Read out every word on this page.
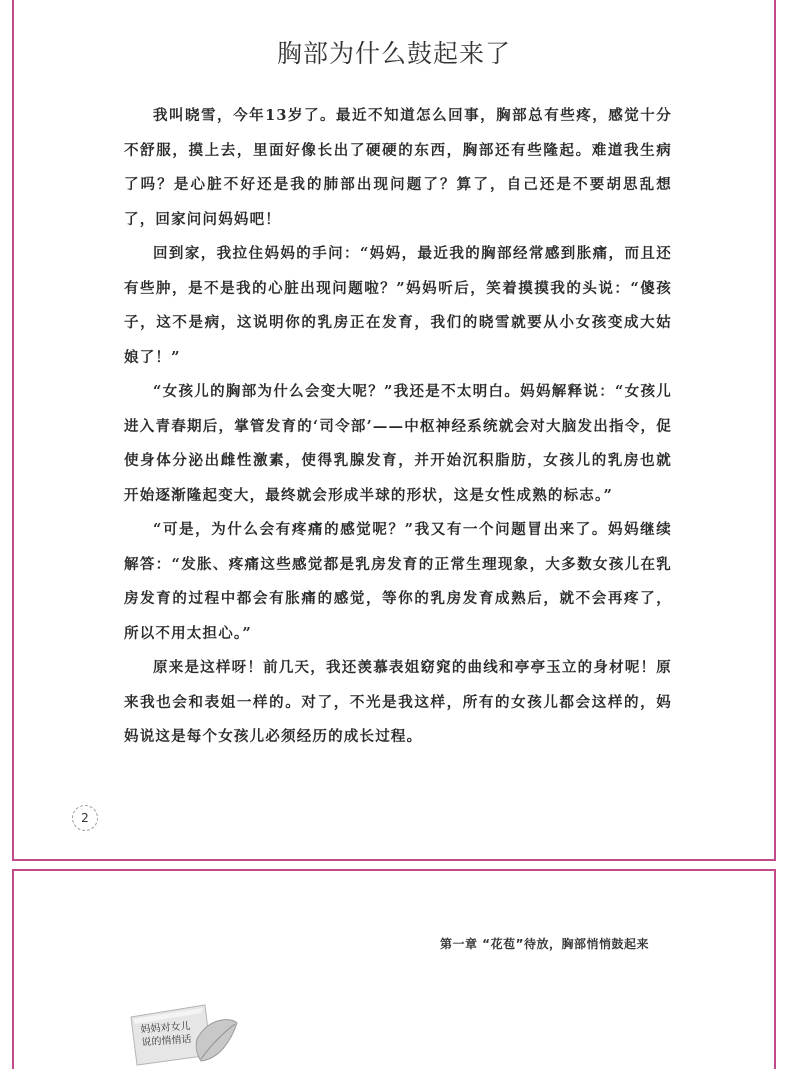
胸部为什么鼓起来了

我叫晓雪，今年13岁了。最近不知道怎么回事，胸部总有些疼，感觉十分不舒服，摸上去，里面好像长出了硬硬的东西，胸部还有些隆起。难道我生病了吗？是心脏不好还是我的肺部出现问题了？算了，自己还是不要胡思乱想了，回家问问妈妈吧！

回到家，我拉住妈妈的手问：“妈妈，最近我的胸部经常感到胀痛，而且还有些肿，是不是我的心脏出现问题啦？”妈妈听后，笑着摸摸我的头说：“傻孩子，这不是病，这说明你的乳房正在发育，我们的晓雪就要从小女孩变成大姑娘了！”

“女孩儿的胸部为什么会变大呢？”我还是不太明白。妈妈解释说：“女孩儿进入青春期后，掌管发育的‘司令部’——中枢神经系统就会对大脑发出指令，促使身体分泌出雌性激素，使得乳腺发育，并开始沉积脂肪，女孩儿的乳房也就开始逐渐隆起变大，最终就会形成半球的形状，这是女性成熟的标志。”

“可是，为什么会有疼痛的感觉呢？”我又有一个问题冒出来了。妈妈继续解答：“发胀、疼痛这些感觉都是乳房发育的正常生理现象，大多数女孩儿在乳房发育的过程中都会有胀痛的感觉，等你的乳房发育成熟后，就不会再疼了，所以不用太担心。”

原来是这样呀！前几天，我还羡慕表姐窈窕的曲线和亭亭玉立的身材呢！原来我也会和表姐一样的。对了，不光是我这样，所有的女孩儿都会这样的，妈妈说这是每个女孩儿必须经历的成长过程。

2
第一章 “花苞”待放，胸部悄悄鼓起来
妈妈对女儿
说的悄悄话
